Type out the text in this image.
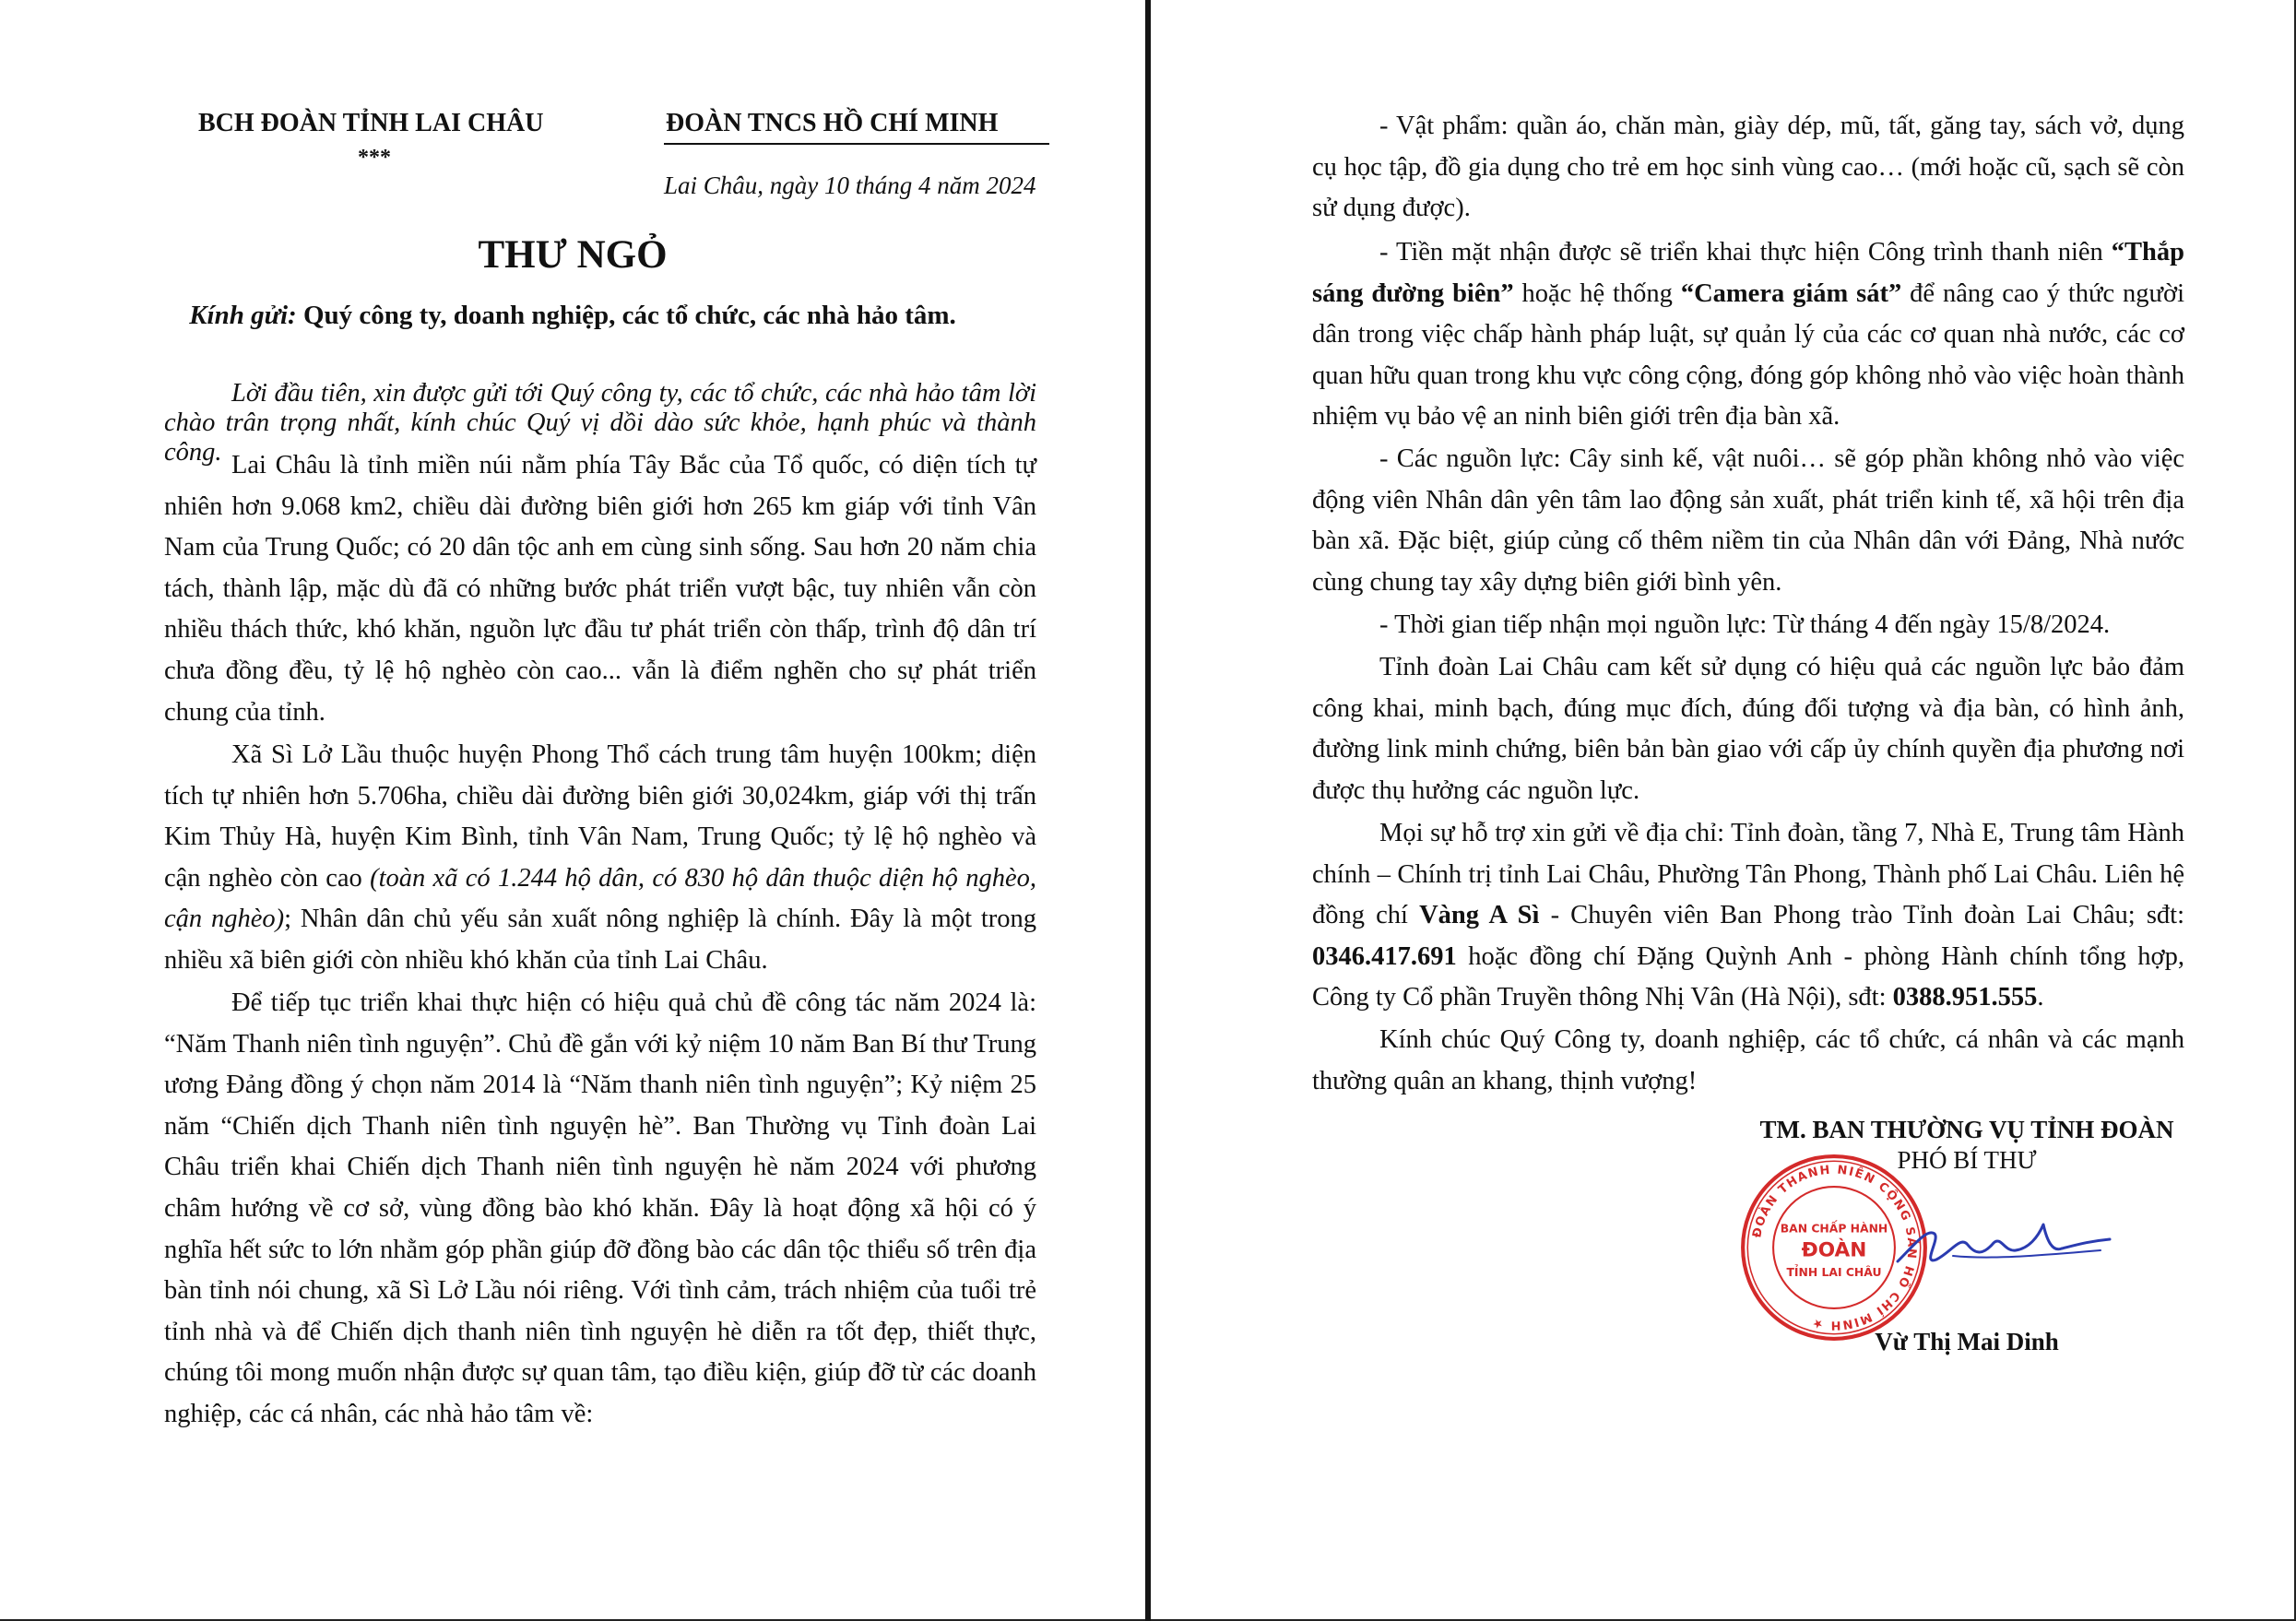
BCH ĐOÀN TỈNH LAI CHÂU
***
ĐOÀN TNCS HỒ CHÍ MINH
Lai Châu, ngày 10 tháng 4 năm 2024
THƯ NGỎ
Kính gửi: Quý công ty, doanh nghiệp, các tổ chức, các nhà hảo tâm.

Lời đầu tiên, xin được gửi tới Quý công ty, các tổ chức, các nhà hảo tâm lời chào trân trọng nhất, kính chúc Quý vị dồi dào sức khỏe, hạnh phúc và thành công. Lai Châu là tỉnh miền núi nằm phía Tây Bắc của Tổ quốc, có diện tích tự nhiên hơn 9.068 km2, chiều dài đường biên giới hơn 265 km giáp với tỉnh Vân Nam của Trung Quốc; có 20 dân tộc anh em cùng sinh sống. Sau hơn 20 năm chia tách, thành lập, mặc dù đã có những bước phát triển vượt bậc, tuy nhiên vẫn còn nhiều thách thức, khó khăn, nguồn lực đầu tư phát triển còn thấp, trình độ dân trí chưa đồng đều, tỷ lệ hộ nghèo còn cao... vẫn là điểm nghẽn cho sự phát triển chung của tỉnh.

Xã Sì Lở Lầu thuộc huyện Phong Thổ cách trung tâm huyện 100km; diện tích tự nhiên hơn 5.706ha, chiều dài đường biên giới 30,024km, giáp với thị trấn Kim Thủy Hà, huyện Kim Bình, tỉnh Vân Nam, Trung Quốc; tỷ lệ hộ nghèo và cận nghèo còn cao (toàn xã có 1.244 hộ dân, có 830 hộ dân thuộc diện hộ nghèo, cận nghèo); Nhân dân chủ yếu sản xuất nông nghiệp là chính. Đây là một trong nhiều xã biên giới còn nhiều khó khăn của tỉnh Lai Châu.

Để tiếp tục triển khai thực hiện có hiệu quả chủ đề công tác năm 2024 là: “Năm Thanh niên tình nguyện”. Chủ đề gắn với kỷ niệm 10 năm Ban Bí thư Trung ương Đảng đồng ý chọn năm 2014 là “Năm thanh niên tình nguyện”; Kỷ niệm 25 năm “Chiến dịch Thanh niên tình nguyện hè”. Ban Thường vụ Tỉnh đoàn Lai Châu triển khai Chiến dịch Thanh niên tình nguyện hè năm 2024 với phương châm hướng về cơ sở, vùng đồng bào khó khăn. Đây là hoạt động xã hội có ý nghĩa hết sức to lớn nhằm góp phần giúp đỡ đồng bào các dân tộc thiểu số trên địa bàn tỉnh nói chung, xã Sì Lở Lầu nói riêng. Với tình cảm, trách nhiệm của tuổi trẻ tỉnh nhà và để Chiến dịch thanh niên tình nguyện hè diễn ra tốt đẹp, thiết thực, chúng tôi mong muốn nhận được sự quan tâm, tạo điều kiện, giúp đỡ từ các doanh nghiệp, các cá nhân, các nhà hảo tâm về:

- Vật phẩm: quần áo, chăn màn, giày dép, mũ, tất, găng tay, sách vở, dụng cụ học tập, đồ gia dụng cho trẻ em học sinh vùng cao… (mới hoặc cũ, sạch sẽ còn sử dụng được).

- Tiền mặt nhận được sẽ triển khai thực hiện Công trình thanh niên “Thắp sáng đường biên” hoặc hệ thống “Camera giám sát” để nâng cao ý thức người dân trong việc chấp hành pháp luật, sự quản lý của các cơ quan nhà nước, các cơ quan hữu quan trong khu vực công cộng, đóng góp không nhỏ vào việc hoàn thành nhiệm vụ bảo vệ an ninh biên giới trên địa bàn xã.

- Các nguồn lực: Cây sinh kế, vật nuôi… sẽ góp phần không nhỏ vào việc động viên Nhân dân yên tâm lao động sản xuất, phát triển kinh tế, xã hội trên địa bàn xã. Đặc biệt, giúp củng cố thêm niềm tin của Nhân dân với Đảng, Nhà nước cùng chung tay xây dựng biên giới bình yên.

- Thời gian tiếp nhận mọi nguồn lực: Từ tháng 4 đến ngày 15/8/2024.

Tỉnh đoàn Lai Châu cam kết sử dụng có hiệu quả các nguồn lực bảo đảm công khai, minh bạch, đúng mục đích, đúng đối tượng và địa bàn, có hình ảnh, đường link minh chứng, biên bản bàn giao với cấp ủy chính quyền địa phương nơi được thụ hưởng các nguồn lực.

Mọi sự hỗ trợ xin gửi về địa chỉ: Tỉnh đoàn, tầng 7, Nhà E, Trung tâm Hành chính – Chính trị tỉnh Lai Châu, Phường Tân Phong, Thành phố Lai Châu. Liên hệ đồng chí Vàng A Sì - Chuyên viên Ban Phong trào Tỉnh đoàn Lai Châu; sđt: 0346.417.691 hoặc đồng chí Đặng Quỳnh Anh - phòng Hành chính tổng hợp, Công ty Cổ phần Truyền thông Nhị Vân (Hà Nội), sđt: 0388.951.555.

Kính chúc Quý Công ty, doanh nghiệp, các tổ chức, cá nhân và các mạnh thường quân an khang, thịnh vượng!

TM. BAN THƯỜNG VỤ TỈNH ĐOÀN
PHÓ BÍ THƯ
ĐOÀN THANH NIÊN CỘNG SẢN HỒ CHÍ MINH ★
BAN CHẤP HÀNH
ĐOÀN
TỈNH LAI CHÂU
Vừ Thị Mai Dinh
